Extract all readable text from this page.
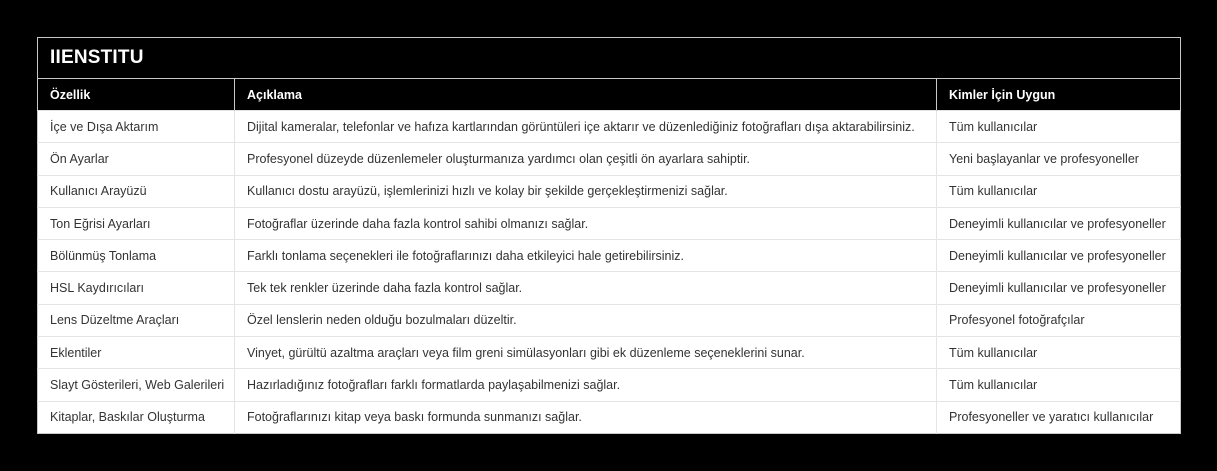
IIENSTITU		
Özellik	Açıklama	Kimler İçin Uygun
İçe ve Dışa Aktarım	Dijital kameralar, telefonlar ve hafıza kartlarından görüntüleri içe aktarır ve düzenlediğiniz fotoğrafları dışa aktarabilirsiniz.	Tüm kullanıcılar
Ön Ayarlar	Profesyonel düzeyde düzenlemeler oluşturmanıza yardımcı olan çeşitli ön ayarlara sahiptir.	Yeni başlayanlar ve profesyoneller
Kullanıcı Arayüzü	Kullanıcı dostu arayüzü, işlemlerinizi hızlı ve kolay bir şekilde gerçekleştirmenizi sağlar.	Tüm kullanıcılar
Ton Eğrisi Ayarları	Fotoğraflar üzerinde daha fazla kontrol sahibi olmanızı sağlar.	Deneyimli kullanıcılar ve profesyoneller
Bölünmüş Tonlama	Farklı tonlama seçenekleri ile fotoğraflarınızı daha etkileyici hale getirebilirsiniz.	Deneyimli kullanıcılar ve profesyoneller
HSL Kaydırıcıları	Tek tek renkler üzerinde daha fazla kontrol sağlar.	Deneyimli kullanıcılar ve profesyoneller
Lens Düzeltme Araçları	Özel lenslerin neden olduğu bozulmaları düzeltir.	Profesyonel fotoğrafçılar
Eklentiler	Vinyet, gürültü azaltma araçları veya film greni simülasyonları gibi ek düzenleme seçeneklerini sunar.	Tüm kullanıcılar
Slayt Gösterileri, Web Galerileri	Hazırladığınız fotoğrafları farklı formatlarda paylaşabilmenizi sağlar.	Tüm kullanıcılar
Kitaplar, Baskılar Oluşturma	Fotoğraflarınızı kitap veya baskı formunda sunmanızı sağlar.	Profesyoneller ve yaratıcı kullanıcılar
